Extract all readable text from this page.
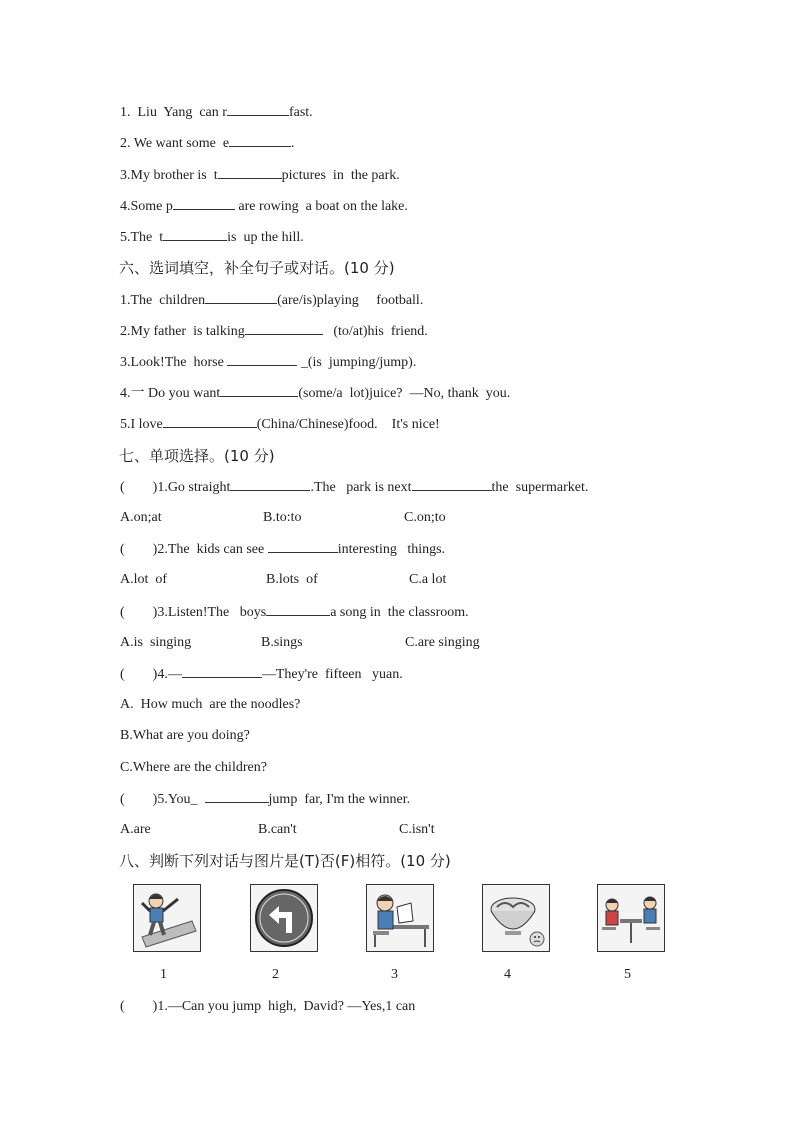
1.  Liu  Yang  can r	fast.
2. We want some  e	.
3.My brother is  t	pictures  in  the park.
4.Some p	are rowing  a boat on the lake.
5.The  t	is  up the hill.
六、选词填空，补全句子或对话。(10 分)
1.The  children	(are/is)playing     football.
2.My father  is talking	(to/at)his  friend.
3.Look!The  horse	_(is  jumping/jump).
4.一 Do you want	(some/a  lot)juice?  —No, thank  you.
5.I love	(China/Chinese)food.    It's nice!
七、单项选择。(10 分)
(        )1.Go straight	.The   park is next	the  supermarket.
A.on;at	B.to:to	C.on;to
(        )2.The  kids can see	interesting   things.
A.lot  of	B.lots  of	C.a lot
(        )3.Listen!The   boys	a song in  the classroom.
A.is  singing	B.sings	C.are singing
(        )4.—	—They're  fifteen   yuan.
A.  How much  are the noodles?
B.What are you doing?
C.Where are the children?
(        )5.You_	jump  far, I'm the winner.
A.are	B.can't	C.isn't
八、判断下列对话与图片是(T)否(F)相符。(10 分)
1	2	3	4	5
(        )1.—Can you jump  high,  David? —Yes,1 can
